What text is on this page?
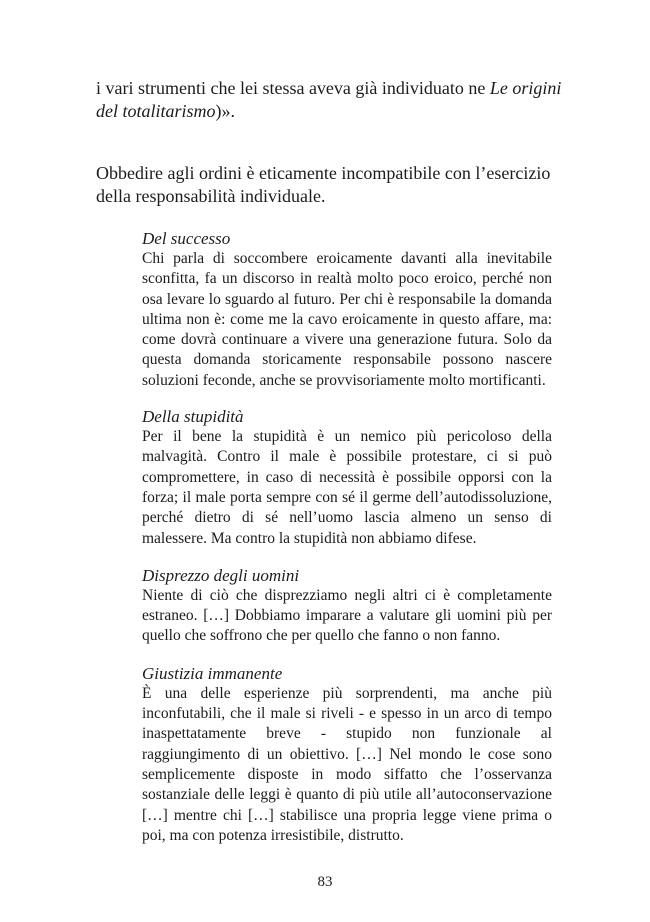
i vari strumenti che lei stessa aveva già individuato ne Le origini del totalitarismo)».

Obbedire agli ordini è eticamente incompatibile con l’esercizio della responsabilità individuale.

Del successo

Chi parla di soccombere eroicamente davanti alla inevitabile sconfitta, fa un discorso in realtà molto poco eroico, perché non osa levare lo sguardo al futuro. Per chi è responsabile la domanda ultima non è: come me la cavo eroicamente in questo affare, ma: come dovrà continuare a vivere una generazione futura. Solo da questa domanda storicamente responsabile possono nascere soluzioni feconde, anche se provvisoriamente molto mortificanti.

Della stupidità

Per il bene la stupidità è un nemico più pericoloso della malvagità. Contro il male è possibile protestare, ci si può compromettere, in caso di necessità è possibile opporsi con la forza; il male porta sempre con sé il germe dell’autodissoluzione, perché dietro di sé nell’uomo lascia almeno un senso di malessere. Ma contro la stupidità non abbiamo difese.

Disprezzo degli uomini

Niente di ciò che disprezziamo negli altri ci è completamente estraneo. […] Dobbiamo imparare a valutare gli uomini più per quello che soffrono che per quello che fanno o non fanno.

Giustizia immanente

È una delle esperienze più sorprendenti, ma anche più inconfutabili, che il male si riveli - e spesso in un arco di tempo inaspettatamente breve - stupido non funzionale al raggiungimento di un obiettivo. […] Nel mondo le cose sono semplicemente disposte in modo siffatto che l’osservanza sostanziale delle leggi è quanto di più utile all’autoconservazione […] mentre chi […] stabilisce una propria legge viene prima o poi, ma con potenza irresistibile, distrutto.

83
